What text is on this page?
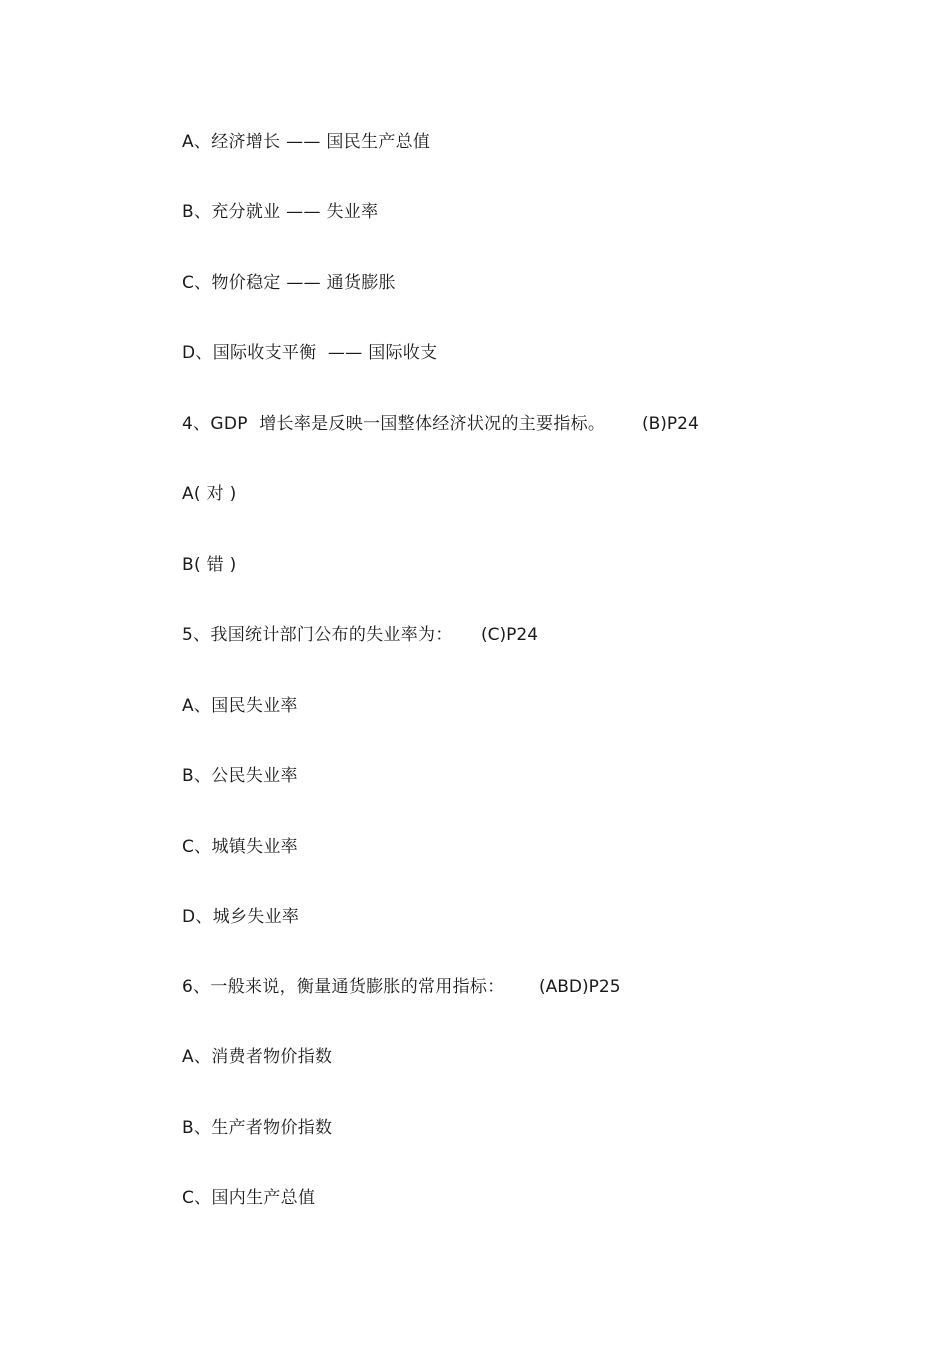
A、经济增长 —— 国民生产总值
B、充分就业 —— 失业率
C、物价稳定 —— 通货膨胀
D、国际收支平衡  —— 国际收支
4、GDP  增长率是反映一国整体经济状况的主要指标。 (B)P24
A( 对 )
B( 错 )
5、我国统计部门公布的失业率为： (C)P24
A、国民失业率
B、公民失业率
C、城镇失业率
D、城乡失业率
6、一般来说，衡量通货膨胀的常用指标： (ABD)P25
A、消费者物价指数
B、生产者物价指数
C、国内生产总值
